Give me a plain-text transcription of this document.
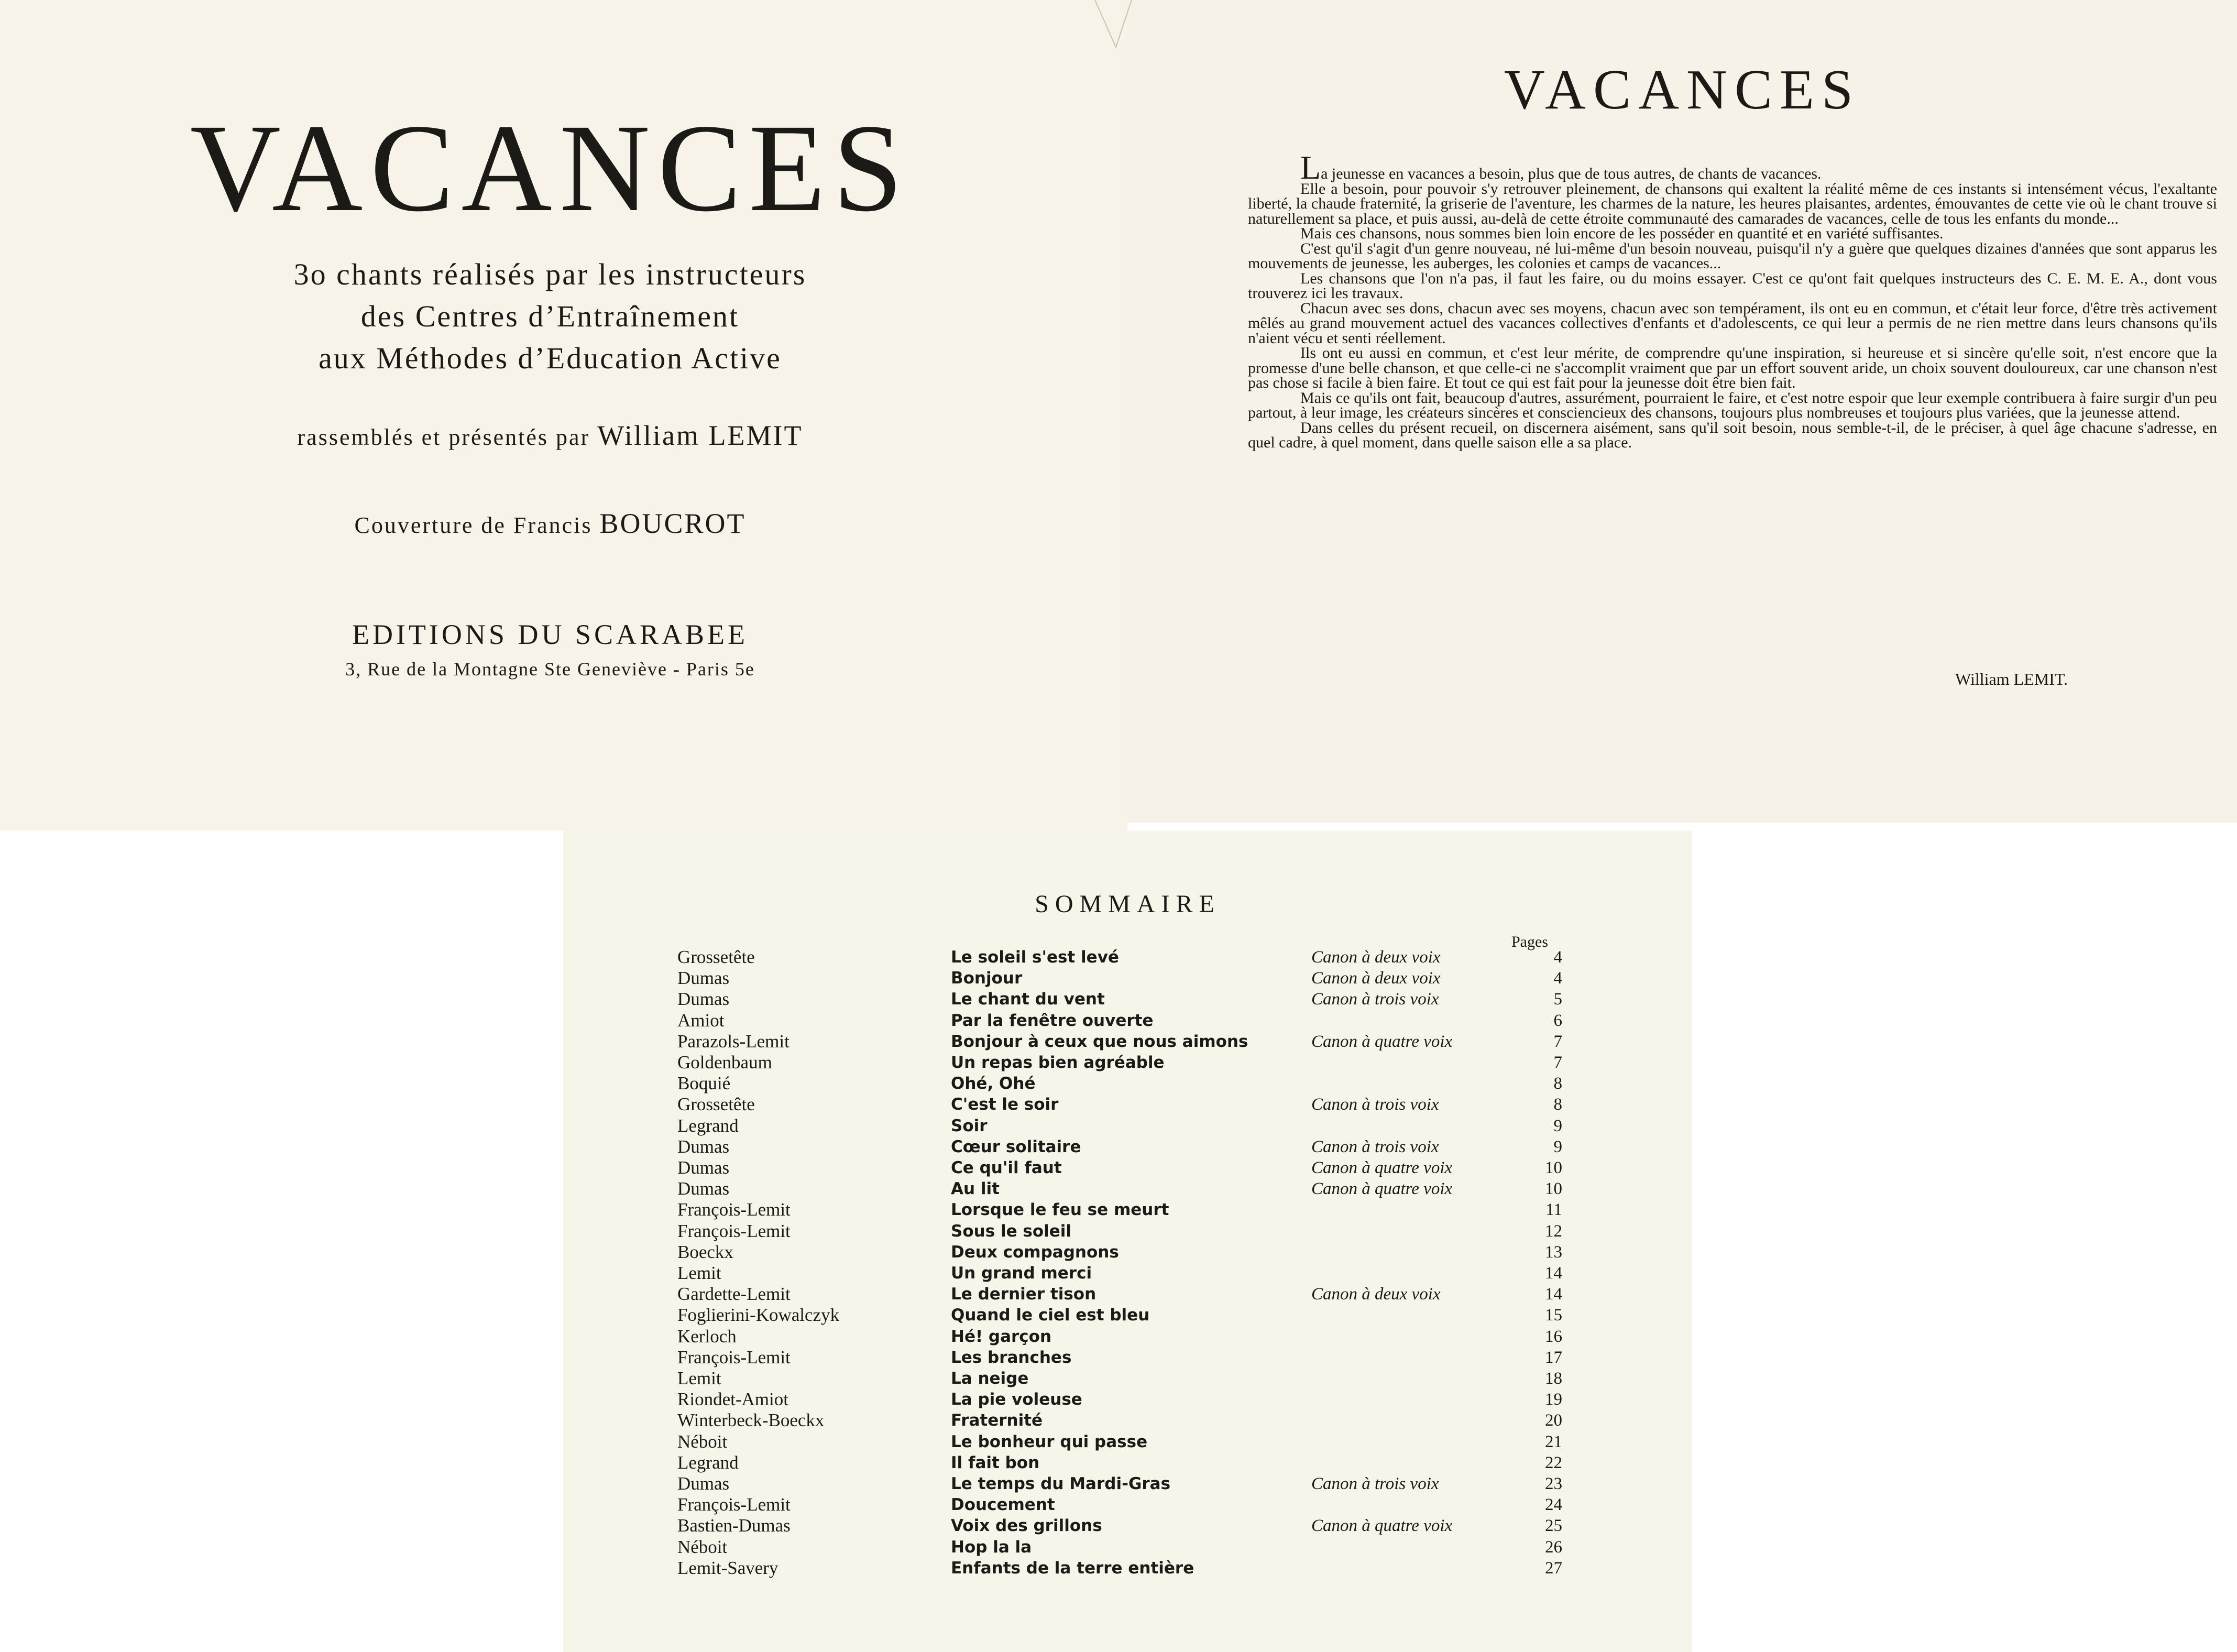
VACANCES
3o chants réalisés par les instructeurs
des Centres d’Entraînement
aux Méthodes d’Education Active
rassemblés et présentés par William LEMIT
Couverture de Francis BOUCROT
EDITIONS DU SCARABEE
3, Rue de la Montagne Ste Geneviève - Paris 5e
VACANCES

La jeunesse en vacances a besoin, plus que de tous autres, de chants de vacances.

Elle a besoin, pour pouvoir s'y retrouver pleinement, de chansons qui exaltent la réalité même de ces instants si intensément vécus, l'exaltante liberté, la chaude fraternité, la griserie de l'aventure, les charmes de la nature, les heures plaisantes, ardentes, émouvantes de cette vie où le chant trouve si naturellement sa place, et puis aussi, au-delà de cette étroite communauté des camarades de vacances, celle de tous les enfants du monde...

Mais ces chansons, nous sommes bien loin encore de les posséder en quantité et en variété suffisantes.

C'est qu'il s'agit d'un genre nouveau, né lui-même d'un besoin nouveau, puisqu'il n'y a guère que quelques dizaines d'années que sont apparus les mouvements de jeunesse, les auberges, les colonies et camps de vacances...

Les chansons que l'on n'a pas, il faut les faire, ou du moins essayer. C'est ce qu'ont fait quelques instructeurs des C. E. M. E. A., dont vous trouverez ici les travaux.

Chacun avec ses dons, chacun avec ses moyens, chacun avec son tempérament, ils ont eu en commun, et c'était leur force, d'être très activement mêlés au grand mouvement actuel des vacances collectives d'enfants et d'adolescents, ce qui leur a permis de ne rien mettre dans leurs chansons qu'ils n'aient vécu et senti réellement.

Ils ont eu aussi en commun, et c'est leur mérite, de comprendre qu'une inspiration, si heureuse et si sincère qu'elle soit, n'est encore que la promesse d'une belle chanson, et que celle-ci ne s'accomplit vraiment que par un effort souvent aride, un choix souvent douloureux, car une chanson n'est pas chose si facile à bien faire. Et tout ce qui est fait pour la jeunesse doit être bien fait.

Mais ce qu'ils ont fait, beaucoup d'autres, assurément, pourraient le faire, et c'est notre espoir que leur exemple contribuera à faire surgir d'un peu partout, à leur image, les créateurs sincères et consciencieux des chansons, toujours plus nombreuses et toujours plus variées, que la jeunesse attend.

Dans celles du présent recueil, on discernera aisément, sans qu'il soit besoin, nous semble-t-il, de le préciser, à quel âge chacune s'adresse, en quel cadre, à quel moment, dans quelle saison elle a sa place.

William LEMIT.
SOMMAIRE
Pages
Grossetête	Le soleil s'est levé	Canon à deux voix	4
Dumas	Bonjour	Canon à deux voix	4
Dumas	Le chant du vent	Canon à trois voix	5
Amiot	Par la fenêtre ouverte	6
Parazols-Lemit	Bonjour à ceux que nous aimons	Canon à quatre voix	7
Goldenbaum	Un repas bien agréable	7
Boquié	Ohé, Ohé	8
Grossetête	C'est le soir	Canon à trois voix	8
Legrand	Soir	9
Dumas	Cœur solitaire	Canon à trois voix	9
Dumas	Ce qu'il faut	Canon à quatre voix	10
Dumas	Au lit	Canon à quatre voix	10
François-Lemit	Lorsque le feu se meurt	11
François-Lemit	Sous le soleil	12
Boeckx	Deux compagnons	13
Lemit	Un grand merci	14
Gardette-Lemit	Le dernier tison	Canon à deux voix	14
Foglierini-Kowalczyk	Quand le ciel est bleu	15
Kerloch	Hé! garçon	16
François-Lemit	Les branches	17
Lemit	La neige	18
Riondet-Amiot	La pie voleuse	19
Winterbeck-Boeckx	Fraternité	20
Néboit	Le bonheur qui passe	21
Legrand	Il fait bon	22
Dumas	Le temps du Mardi-Gras	Canon à trois voix	23
François-Lemit	Doucement	24
Bastien-Dumas	Voix des grillons	Canon à quatre voix	25
Néboit	Hop la la	26
Lemit-Savery	Enfants de la terre entière	27
